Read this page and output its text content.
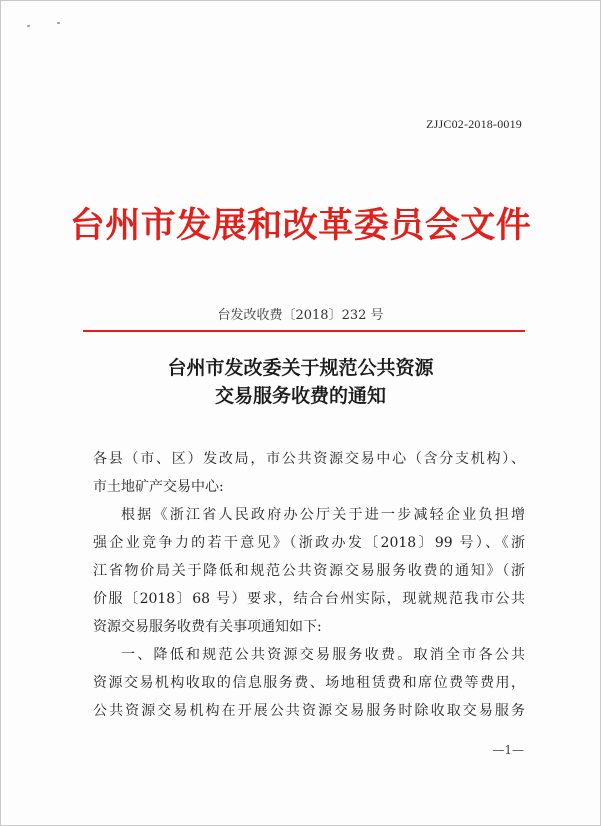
ZJJC02-2018-0019
台州市发展和改革委员会文件
台发改收费〔2018〕232 号
台州市发改委关于规范公共资源
交易服务收费的通知
各县（市、区）发改局，市公共资源交易中心（含分支机构）、
市土地矿产交易中心:
根据《浙江省人民政府办公厅关于进一步减轻企业负担增
强企业竞争力的若干意见》（浙政办发〔2018〕99 号）、《浙
江省物价局关于降低和规范公共资源交易服务收费的通知》（浙
价服〔2018〕68 号）要求，结合台州实际，现就规范我市公共
资源交易服务收费有关事项通知如下:
一、降低和规范公共资源交易服务收费。取消全市各公共
资源交易机构收取的信息服务费、场地租赁费和席位费等费用，
公共资源交易机构在开展公共资源交易服务时除收取交易服务
—1—
